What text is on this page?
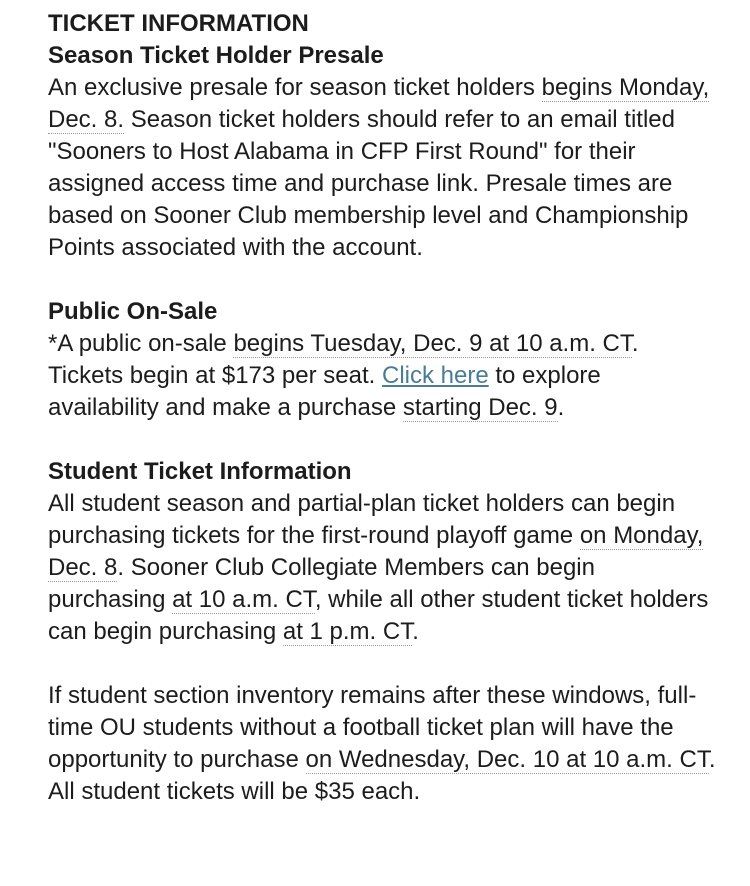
TICKET INFORMATION
Season Ticket Holder Presale

An exclusive presale for season ticket holders begins Monday, Dec. 8. Season ticket holders should refer to an email titled "Sooners to Host Alabama in CFP First Round" for their assigned access time and purchase link. Presale times are based on Sooner Club membership level and Championship Points associated with the account.

Public On-Sale

*A public on-sale begins Tuesday, Dec. 9 at 10 a.m. CT. Tickets begin at $173 per seat. Click here to explore availability and make a purchase starting Dec. 9.

Student Ticket Information

All student season and partial-plan ticket holders can begin purchasing tickets for the first-round playoff game on Monday, Dec. 8. Sooner Club Collegiate Members can begin purchasing at 10 a.m. CT, while all other student ticket holders can begin purchasing at 1 p.m. CT.

If student section inventory remains after these windows, full-time OU students without a football ticket plan will have the opportunity to purchase on Wednesday, Dec. 10 at 10 a.m. CT. All student tickets will be $35 each.
